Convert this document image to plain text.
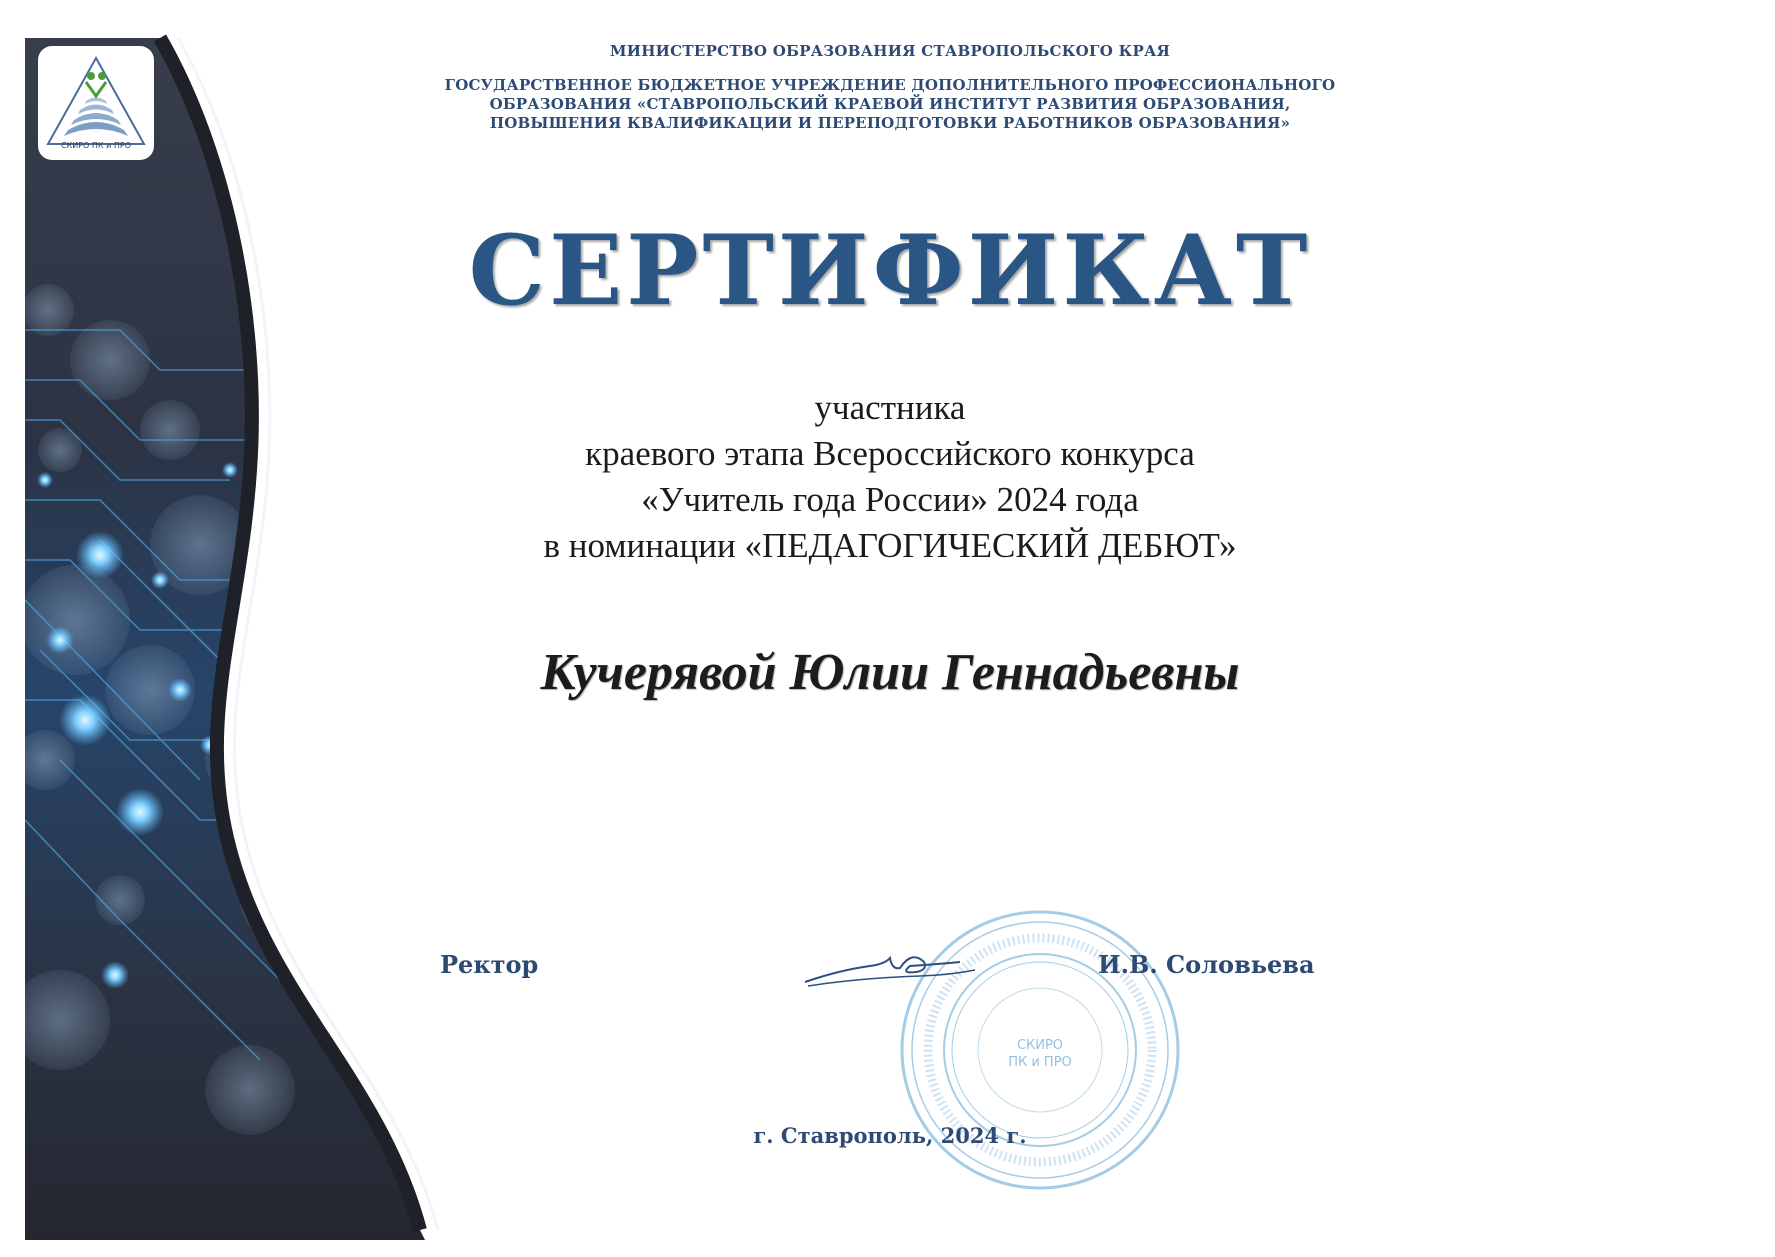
СКИРО ПК и ПРО
МИНИСТЕРСТВО ОБРАЗОВАНИЯ СТАВРОПОЛЬСКОГО КРАЯ
ГОСУДАРСТВЕННОЕ БЮДЖЕТНОЕ УЧРЕЖДЕНИЕ ДОПОЛНИТЕЛЬНОГО ПРОФЕССИОНАЛЬНОГО
ОБРАЗОВАНИЯ «СТАВРОПОЛЬСКИЙ КРАЕВОЙ ИНСТИТУТ РАЗВИТИЯ ОБРАЗОВАНИЯ,
ПОВЫШЕНИЯ КВАЛИФИКАЦИИ И ПЕРЕПОДГОТОВКИ РАБОТНИКОВ ОБРАЗОВАНИЯ»
СЕРТИФИКАТ
участника
краевого этапа Всероссийского конкурса
«Учитель года России» 2024 года
в номинации «ПЕДАГОГИЧЕСКИЙ ДЕБЮТ»
Кучерявой Юлии Геннадьевны
СКИРО
ПК и ПРО
Ректор	И.В. Соловьева
г. Ставрополь, 2024 г.
